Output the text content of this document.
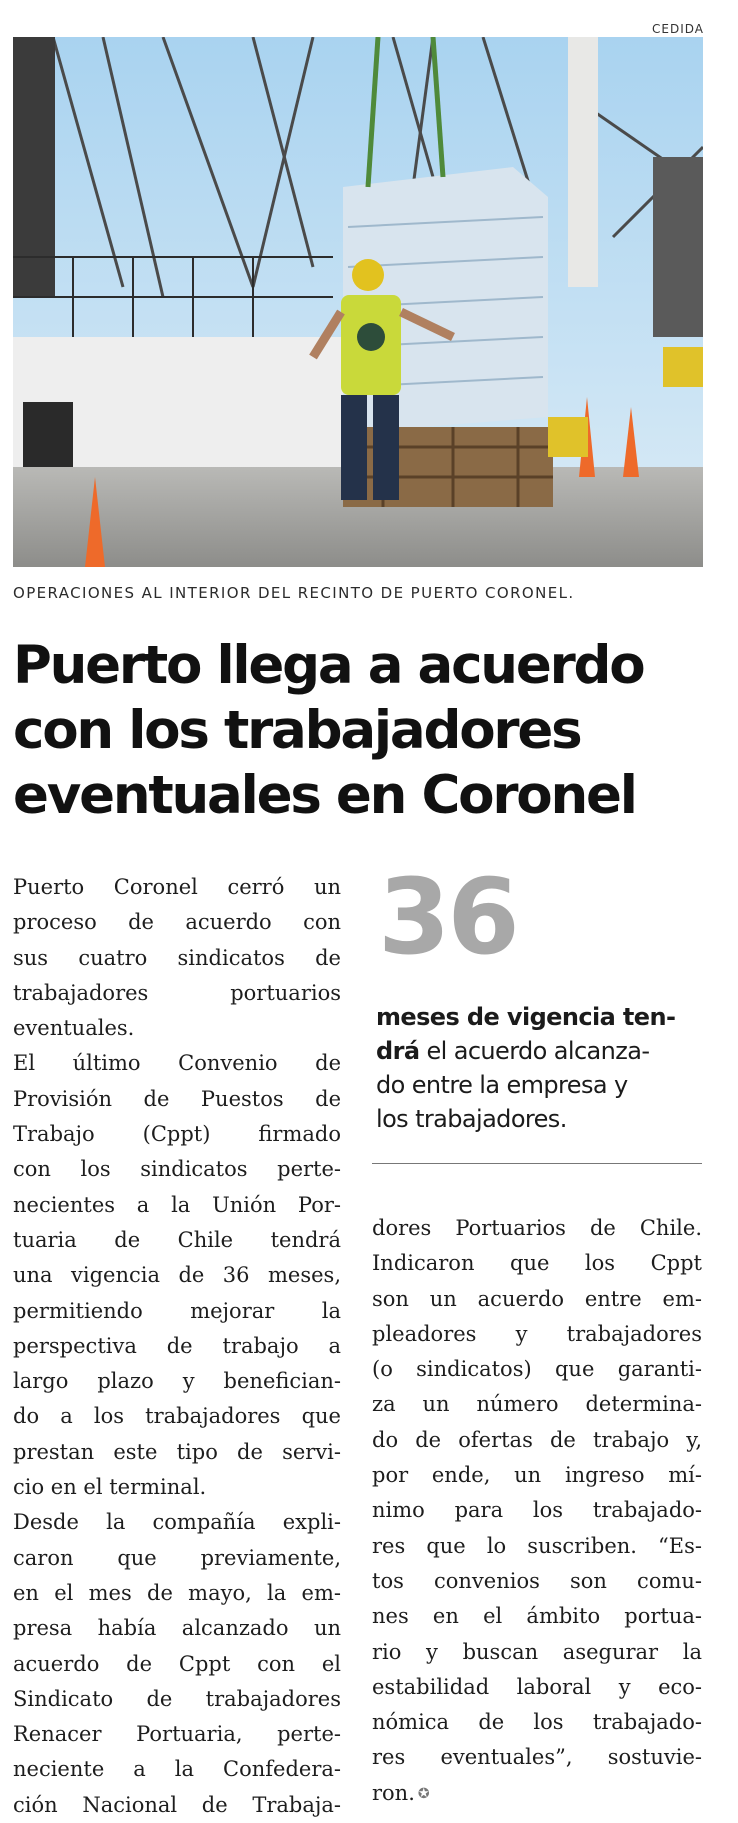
CEDIDA
OPERACIONES AL INTERIOR DEL RECINTO DE PUERTO CORONEL.
Puerto llega a acuerdo
con los trabajadores
eventuales en Coronel
Puerto Coronel cerró un
proceso de acuerdo con
sus cuatro sindicatos de
trabajadores portuarios
eventuales.
El último Convenio de
Provisión de Puestos de
Trabajo (Cppt) firmado
con los sindicatos perte-
necientes a la Unión Por-
tuaria de Chile tendrá
una vigencia de 36 meses,
permitiendo mejorar la
perspectiva de trabajo a
largo plazo y benefician-
do a los trabajadores que
prestan este tipo de servi-
cio en el terminal.
Desde la compañía expli-
caron que previamente,
en el mes de mayo, la em-
presa había alcanzado un
acuerdo de Cppt con el
Sindicato de trabajadores
Renacer Portuaria, perte-
neciente a la Confedera-
ción Nacional de Trabaja-
36
meses de vigencia ten-
drá el acuerdo alcanza-
do entre la empresa y
los trabajadores.
dores Portuarios de Chile.
Indicaron que los Cppt
son un acuerdo entre em-
pleadores y trabajadores
(o sindicatos) que garanti-
za un número determina-
do de ofertas de trabajo y,
por ende, un ingreso mí-
nimo para los trabajado-
res que lo suscriben. “Es-
tos convenios son comu-
nes en el ámbito portua-
rio y buscan asegurar la
estabilidad laboral y eco-
nómica de los trabajado-
res eventuales”, sostuvie-
ron. ✪
